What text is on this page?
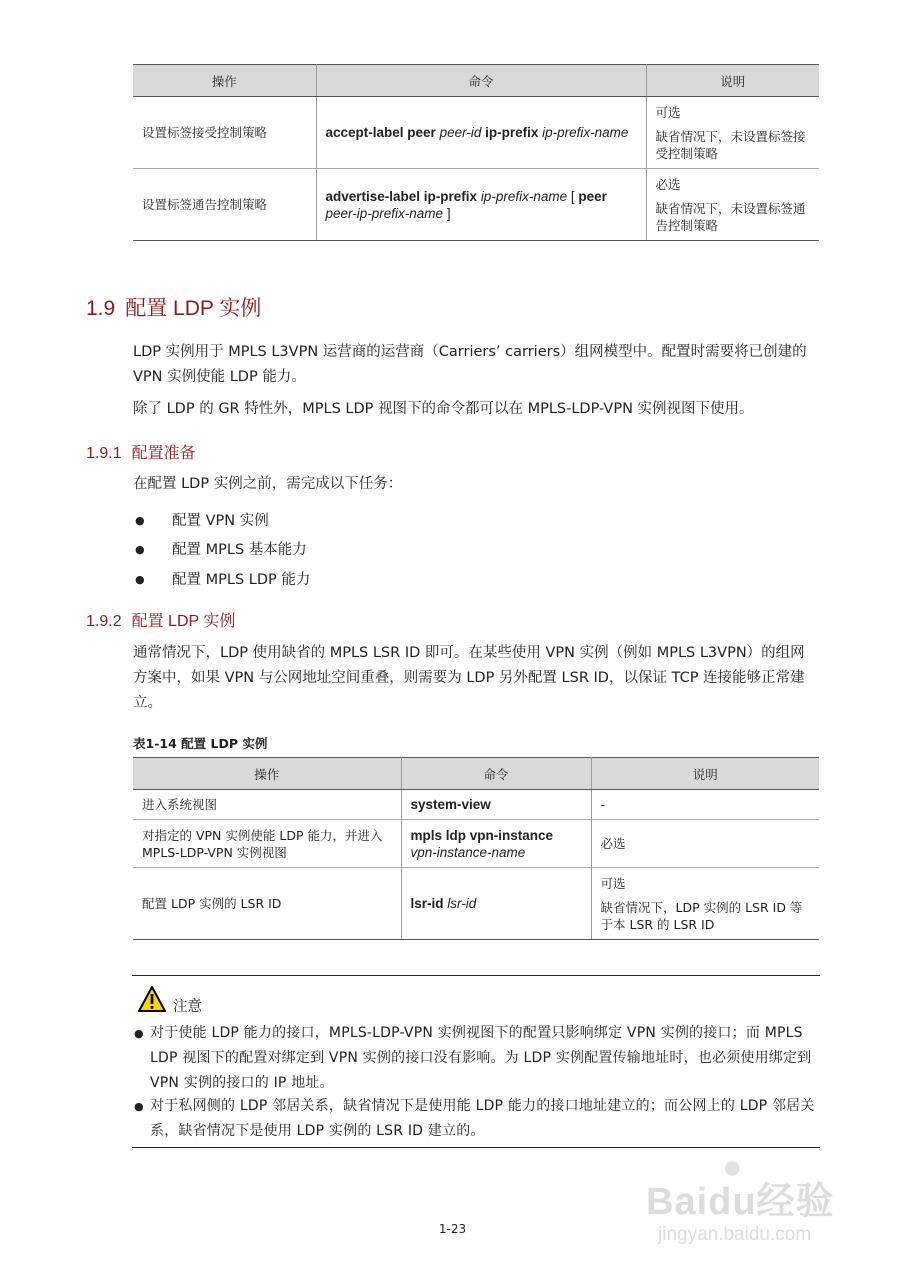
操作	命令	说明
设置标签接受控制策略	accept-label peer peer-id ip-prefix ip-prefix-name	可选

缺省情况下，未设置标签接受控制策略

设置标签通告控制策略	advertise-label ip-prefix ip-prefix-name [ peer peer-ip-prefix-name ]	必选

缺省情况下，未设置标签通告控制策略

1.9 配置 LDP 实例
LDP 实例用于 MPLS L3VPN 运营商的运营商（Carriers’ carriers）组网模型中。配置时需要将已创建的 VPN 实例使能 LDP 能力。
除了 LDP 的 GR 特性外，MPLS LDP 视图下的命令都可以在 MPLS-LDP-VPN 实例视图下使用。
1.9.1 配置准备
在配置 LDP 实例之前，需完成以下任务：
● 配置 VPN 实例
● 配置 MPLS 基本能力
● 配置 MPLS LDP 能力
1.9.2 配置 LDP 实例
通常情况下，LDP 使用缺省的 MPLS LSR ID 即可。在某些使用 VPN 实例（例如 MPLS L3VPN）的组网方案中，如果 VPN 与公网地址空间重叠，则需要为 LDP 另外配置 LSR ID，以保证 TCP 连接能够正常建立。
表1-14 配置 LDP 实例
操作	命令	说明
进入系统视图	system-view	-

对指定的 VPN 实例使能 LDP 能力，并进入 MPLS-LDP-VPN 实例视图	mpls ldp vpn-instance
vpn-instance-name	必选

配置 LDP 实例的 LSR ID	lsr-id lsr-id	可选

缺省情况下，LDP 实例的 LSR ID 等于本 LSR 的 LSR ID

注意
● 对于使能 LDP 能力的接口，MPLS-LDP-VPN 实例视图下的配置只影响绑定 VPN 实例的接口；而 MPLS LDP 视图下的配置对绑定到 VPN 实例的接口没有影响。为 LDP 实例配置传输地址时，也必须使用绑定到 VPN 实例的接口的 IP 地址。
● 对于私网侧的 LDP 邻居关系，缺省情况下是使用能 LDP 能力的接口地址建立的；而公网上的 LDP 邻居关系，缺省情况下是使用 LDP 实例的 LSR ID 建立的。
1-23
●
Baidu经验
jingyan.baidu.com
